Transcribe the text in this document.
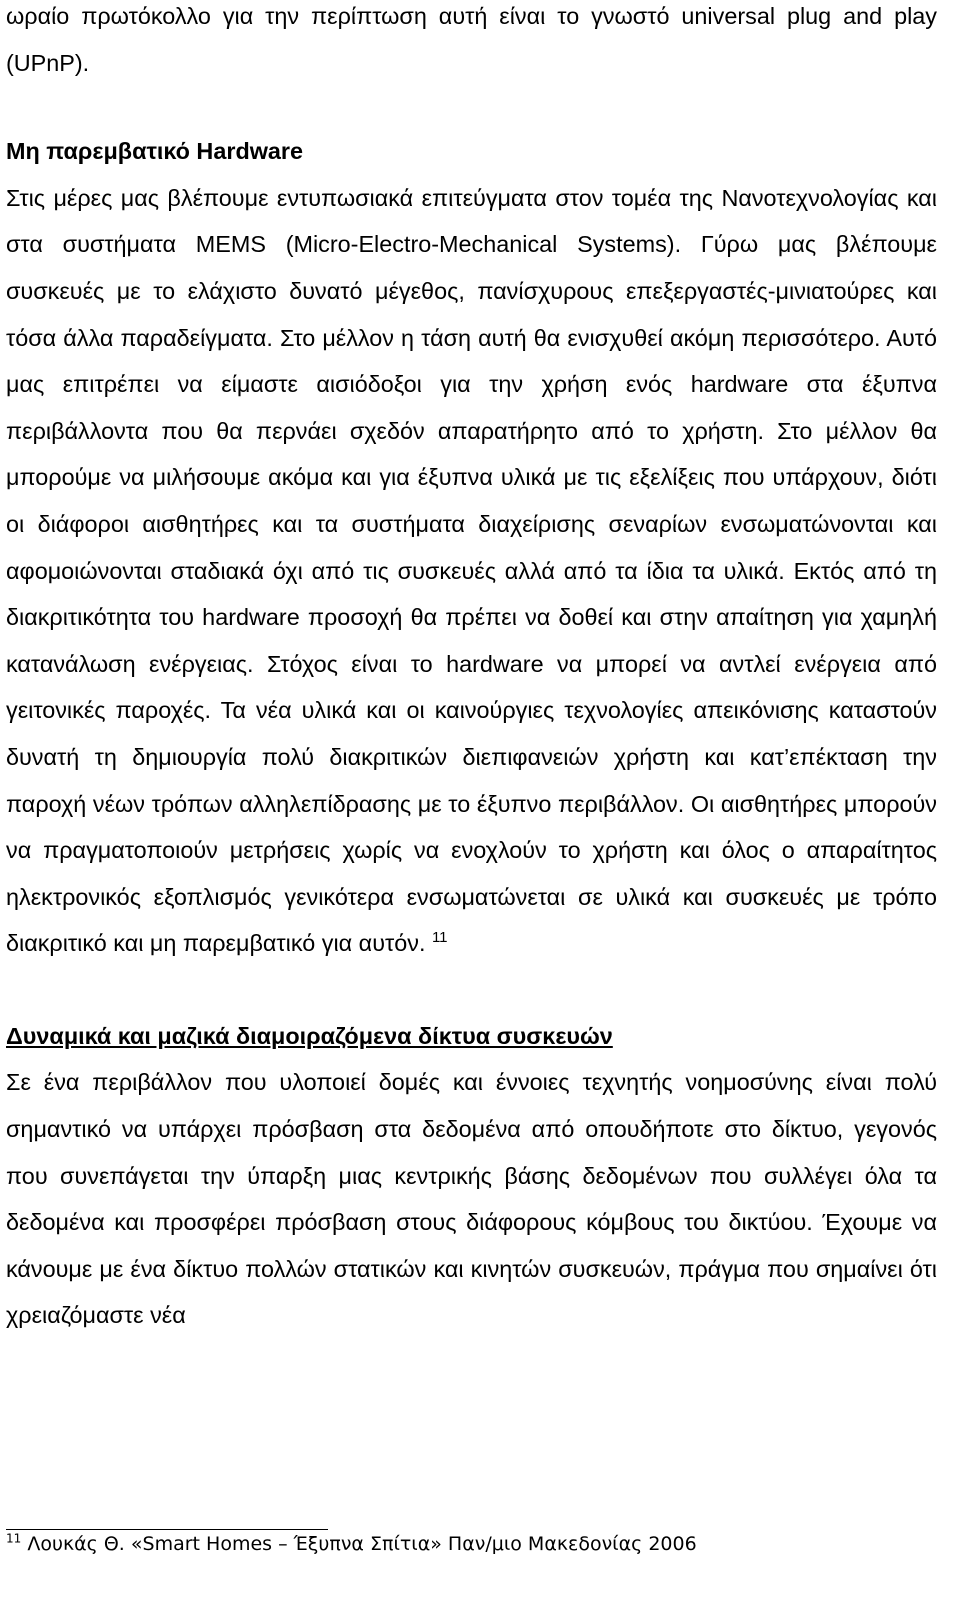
ωραίο πρωτόκολλο για την περίπτωση αυτή είναι το γνωστό universal plug and play (UPnP).

Μη παρεμβατικό Hardware

Στις μέρες μας βλέπουμε εντυπωσιακά επιτεύγματα στον τομέα της Νανοτεχνολογίας και στα συστήματα MEMS (Micro-Electro-Mechanical Systems). Γύρω μας βλέπουμε συσκευές με το ελάχιστο δυνατό μέγεθος, πανίσχυρους επεξεργαστές-μινιατούρες και τόσα άλλα παραδείγματα. Στο μέλλον η τάση αυτή θα ενισχυθεί ακόμη περισσότερο. Αυτό μας επιτρέπει να είμαστε αισιόδοξοι για την χρήση ενός hardware στα έξυπνα περιβάλλοντα που θα περνάει σχεδόν απαρατήρητο από το χρήστη. Στο μέλλον θα μπορούμε να μιλήσουμε ακόμα και για έξυπνα υλικά με τις εξελίξεις που υπάρχουν, διότι οι διάφοροι αισθητήρες και τα συστήματα διαχείρισης σεναρίων ενσωματώνονται και αφομοιώνονται σταδιακά όχι από τις συσκευές αλλά από τα ίδια τα υλικά. Εκτός από τη διακριτικότητα του hardware προσοχή θα πρέπει να δοθεί και στην απαίτηση για χαμηλή κατανάλωση ενέργειας. Στόχος είναι το hardware να μπορεί να αντλεί ενέργεια από γειτονικές παροχές. Τα νέα υλικά και οι καινούργιες τεχνολογίες απεικόνισης καταστούν δυνατή τη δημιουργία πολύ διακριτικών διεπιφανειών χρήστη και κατ’επέκταση την παροχή νέων τρόπων αλληλεπίδρασης με το έξυπνο περιβάλλον. Οι αισθητήρες μπορούν να πραγματοποιούν μετρήσεις χωρίς να ενοχλούν το χρήστη και όλος ο απαραίτητος ηλεκτρονικός εξοπλισμός γενικότερα ενσωματώνεται σε υλικά και συσκευές με τρόπο διακριτικό και μη παρεμβατικό για αυτόν. $^{11}$

Δυναμικά και μαζικά διαμοιραζόμενα δίκτυα συσκευών

Σε ένα περιβάλλον που υλοποιεί δομές και έννοιες τεχνητής νοημοσύνης είναι πολύ σημαντικό να υπάρχει πρόσβαση στα δεδομένα από οπουδήποτε στο δίκτυο, γεγονός που συνεπάγεται την ύπαρξη μιας κεντρικής βάσης δεδομένων που συλλέγει όλα τα δεδομένα και προσφέρει πρόσβαση στους διάφορους κόμβους του δικτύου. Έχουμε να κάνουμε με ένα δίκτυο πολλών στατικών και κινητών συσκευών, πράγμα που σημαίνει ότι χρειαζόμαστε νέα

$^{11}$ Λουκάς Θ. «Smart Homes – Έξυπνα Σπίτια» Παν/μιο Μακεδονίας 2006
